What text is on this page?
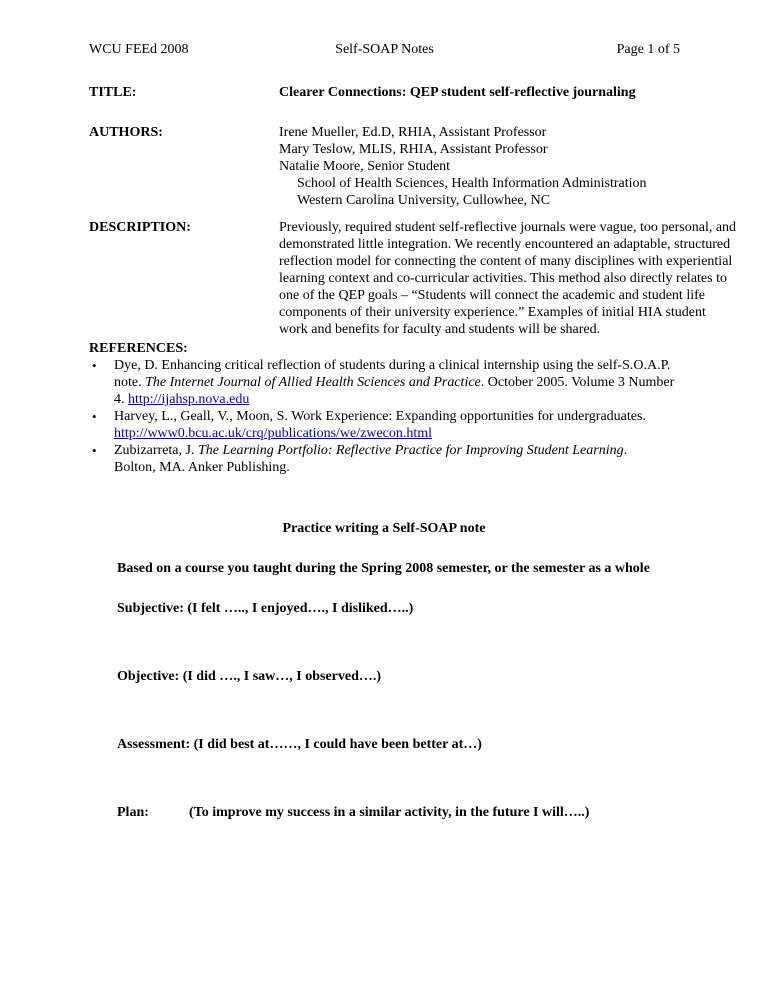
WCU FEEd 2008	Self-SOAP Notes	Page 1 of 5
TITLE:	Clearer Connections: QEP student self-reflective journaling
AUTHORS:	Irene Mueller, Ed.D, RHIA, Assistant Professor
Mary Teslow, MLIS, RHIA, Assistant Professor
Natalie Moore, Senior Student
School of Health Sciences, Health Information Administration
Western Carolina University, Cullowhee, NC
DESCRIPTION:	Previously, required student self-reflective journals were vague, too personal, and
demonstrated little integration. We recently encountered an adaptable, structured
reflection model for connecting the content of many disciplines with experiential
learning context and co-curricular activities. This method also directly relates to
one of the QEP goals – “Students will connect the academic and student life
components of their university experience.” Examples of initial HIA student
work and benefits for faculty and students will be shared.
REFERENCES:
• Dye, D. Enhancing critical reflection of students during a clinical internship using the self-S.O.A.P.
note. The Internet Journal of Allied Health Sciences and Practice. October 2005. Volume 3 Number
4. http://ijahsp.nova.edu
• Harvey, L., Geall, V., Moon, S. Work Experience: Expanding opportunities for undergraduates.
http://www0.bcu.ac.uk/crq/publications/we/zwecon.html
• Zubizarreta, J. The Learning Portfolio: Reflective Practice for Improving Student Learning.
Bolton, MA. Anker Publishing.
Practice writing a Self-SOAP note
Based on a course you taught during the Spring 2008 semester, or the semester as a whole
Subjective: (I felt ….., I enjoyed…., I disliked…..)
Objective: (I did …., I saw…, I observed….)
Assessment: (I did best at……, I could have been better at…)
Plan:	(To improve my success in a similar activity, in the future I will…..)
